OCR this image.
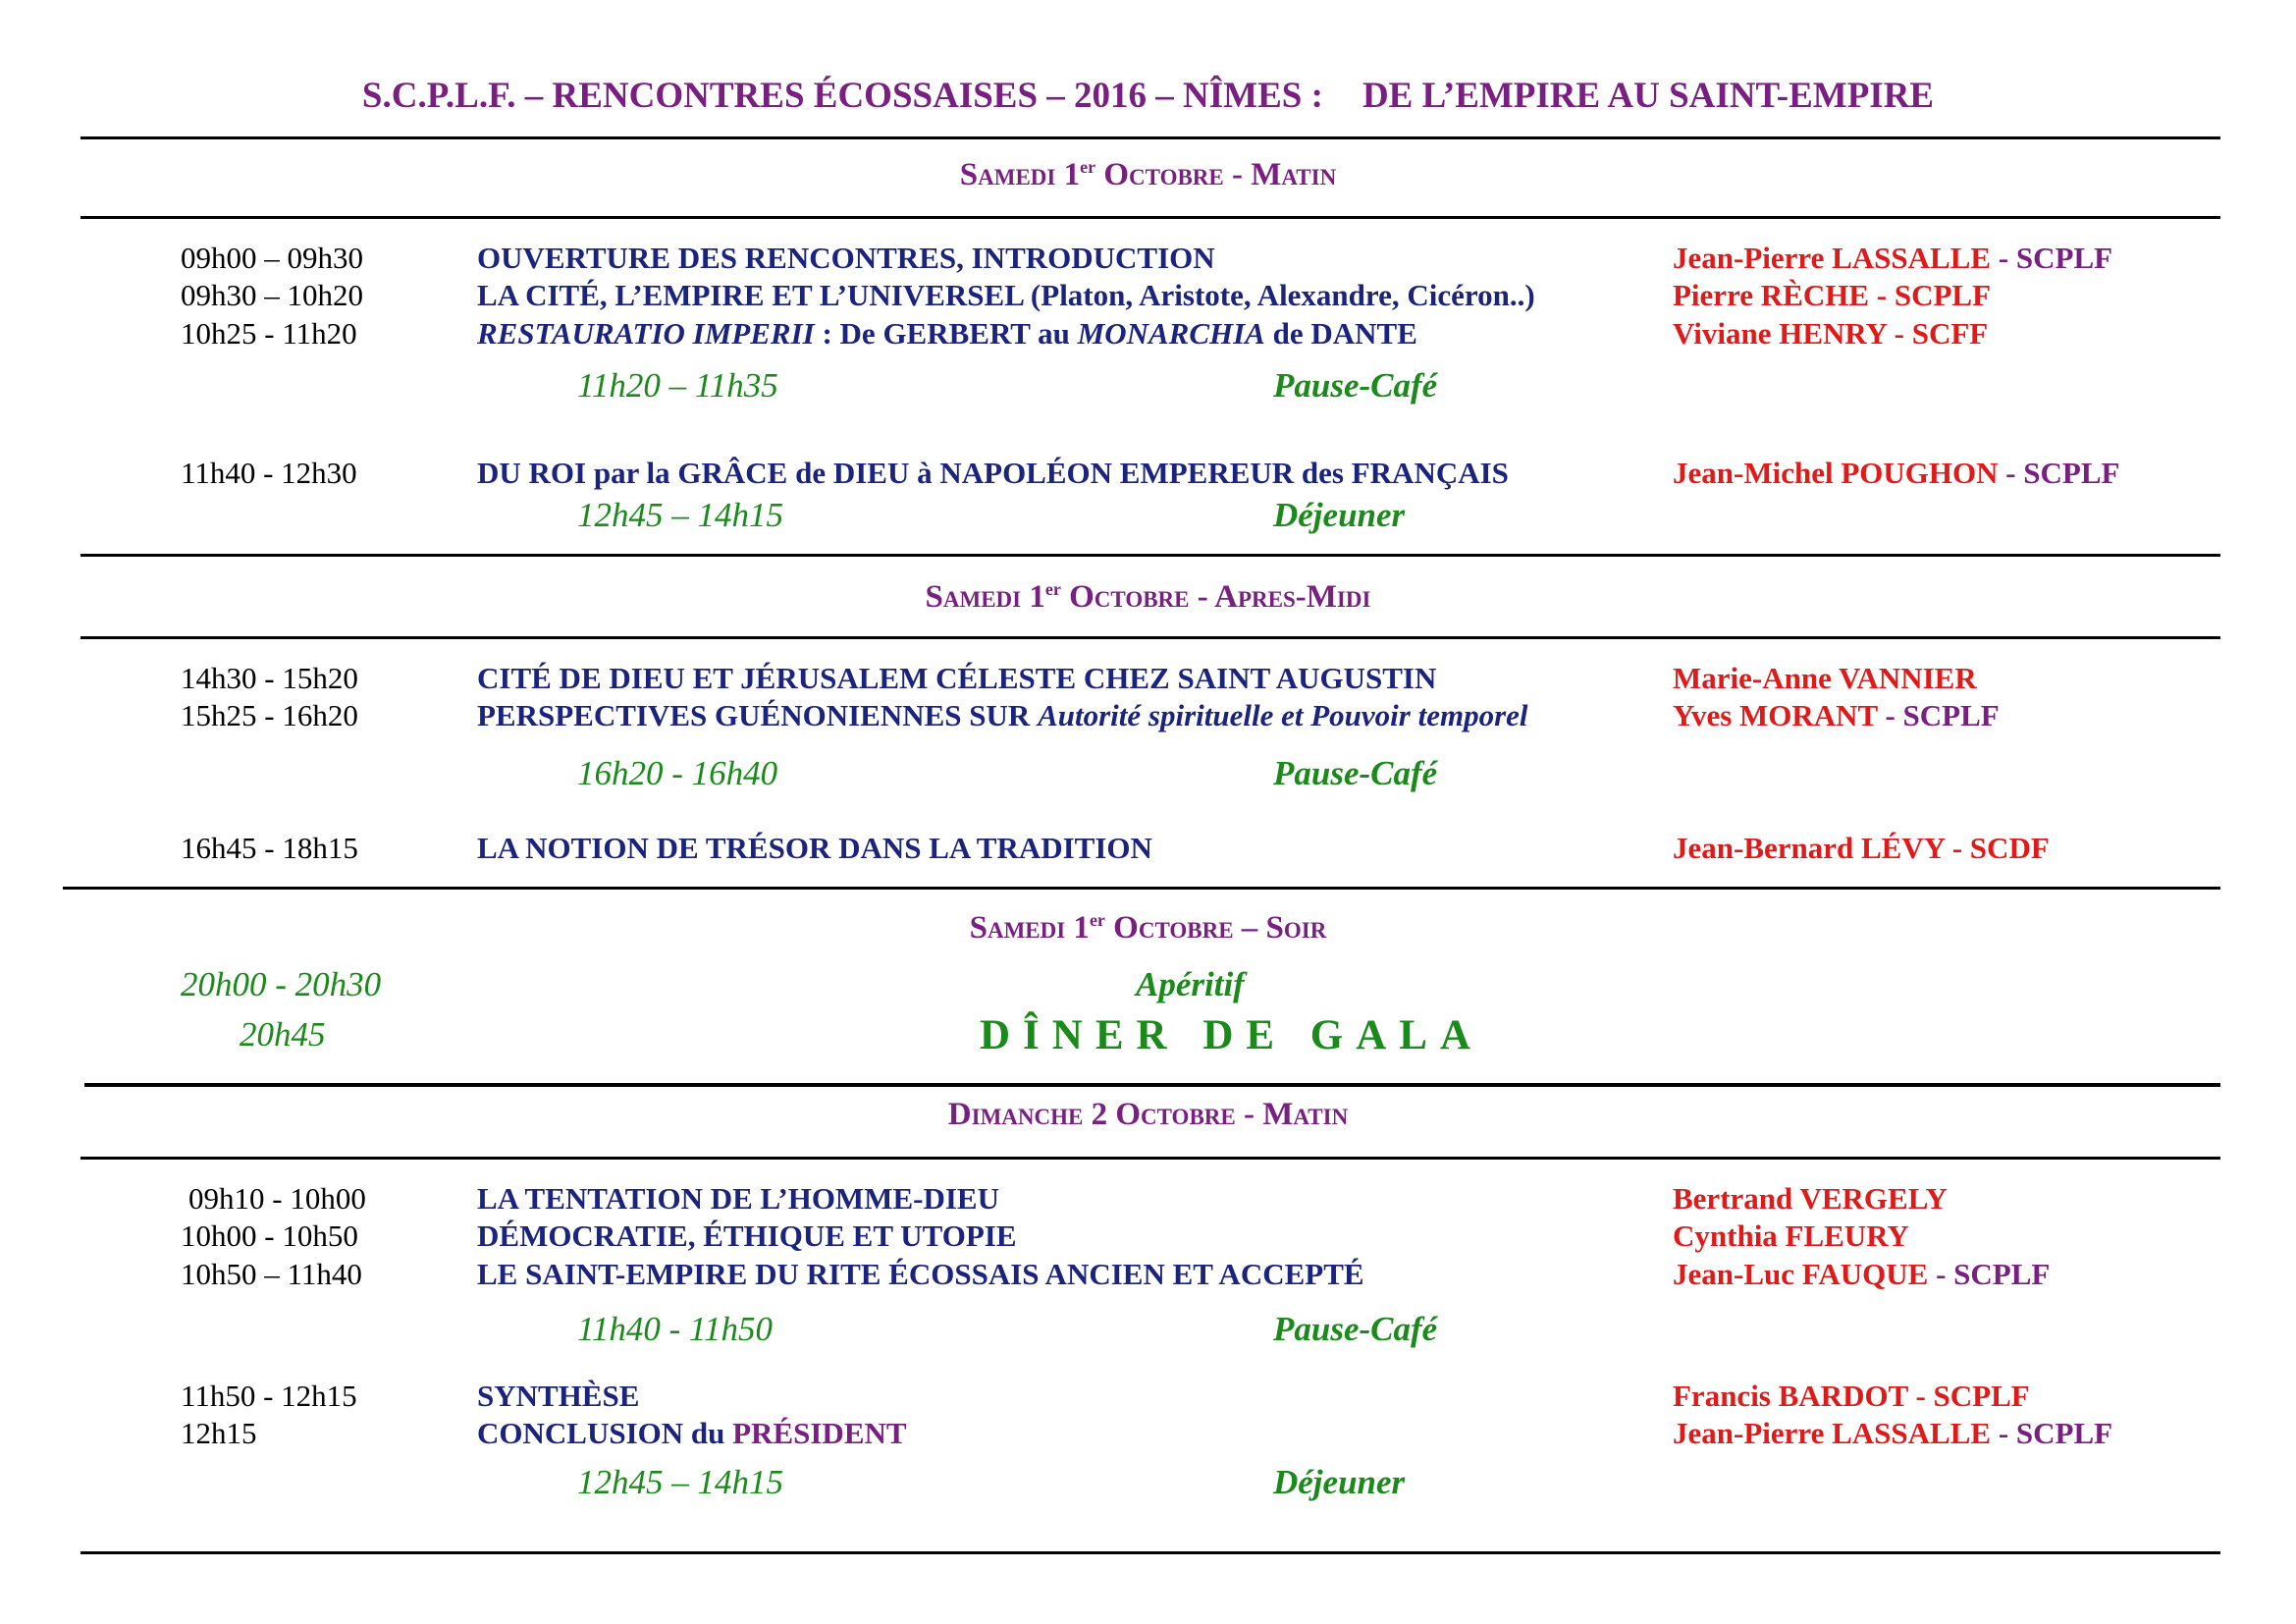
S.C.P.L.F. – RENCONTRES ÉCOSSAISES – 2016 – NÎMES : DE L’EMPIRE AU SAINT-EMPIRE
Samedi 1er Octobre - Matin
09h00 – 09h30	OUVERTURE DES RENCONTRES, INTRODUCTION	Jean-Pierre LASSALLE - SCPLF
09h30 – 10h20	LA CITÉ, L’EMPIRE ET L’UNIVERSEL (Platon, Aristote, Alexandre, Cicéron..)	Pierre RÈCHE - SCPLF
10h25 - 11h20	RESTAURATIO IMPERII : De GERBERT au MONARCHIA de DANTE	Viviane HENRY - SCFF
11h20 – 11h35	Pause-Café
11h40 - 12h30	DU ROI par la GRÂCE de DIEU à NAPOLÉON EMPEREUR des FRANÇAIS	Jean-Michel POUGHON - SCPLF
12h45 – 14h15	Déjeuner
Samedi 1er Octobre - Apres-Midi
14h30 - 15h20	CITÉ DE DIEU ET JÉRUSALEM CÉLESTE CHEZ SAINT AUGUSTIN	Marie-Anne VANNIER
15h25 - 16h20	PERSPECTIVES GUÉNONIENNES SUR Autorité spirituelle et Pouvoir temporel	Yves MORANT - SCPLF
16h20 - 16h40	Pause-Café
16h45 - 18h15	LA NOTION DE TRÉSOR DANS LA TRADITION	Jean-Bernard LÉVY - SCDF
Samedi 1er Octobre – Soir
20h00 - 20h30	Apéritif
20h45	DÎNER DE GALA
Dimanche 2 Octobre - Matin
09h10 - 10h00	LA TENTATION DE L’HOMME-DIEU	Bertrand VERGELY
10h00 - 10h50	DÉMOCRATIE, ÉTHIQUE ET UTOPIE	Cynthia FLEURY
10h50 – 11h40	LE SAINT-EMPIRE DU RITE ÉCOSSAIS ANCIEN ET ACCEPTÉ	Jean-Luc FAUQUE - SCPLF
11h40 - 11h50	Pause-Café
11h50 - 12h15	SYNTHÈSE	Francis BARDOT - SCPLF
12h15	CONCLUSION du PRÉSIDENT	Jean-Pierre LASSALLE - SCPLF
12h45 – 14h15	Déjeuner
